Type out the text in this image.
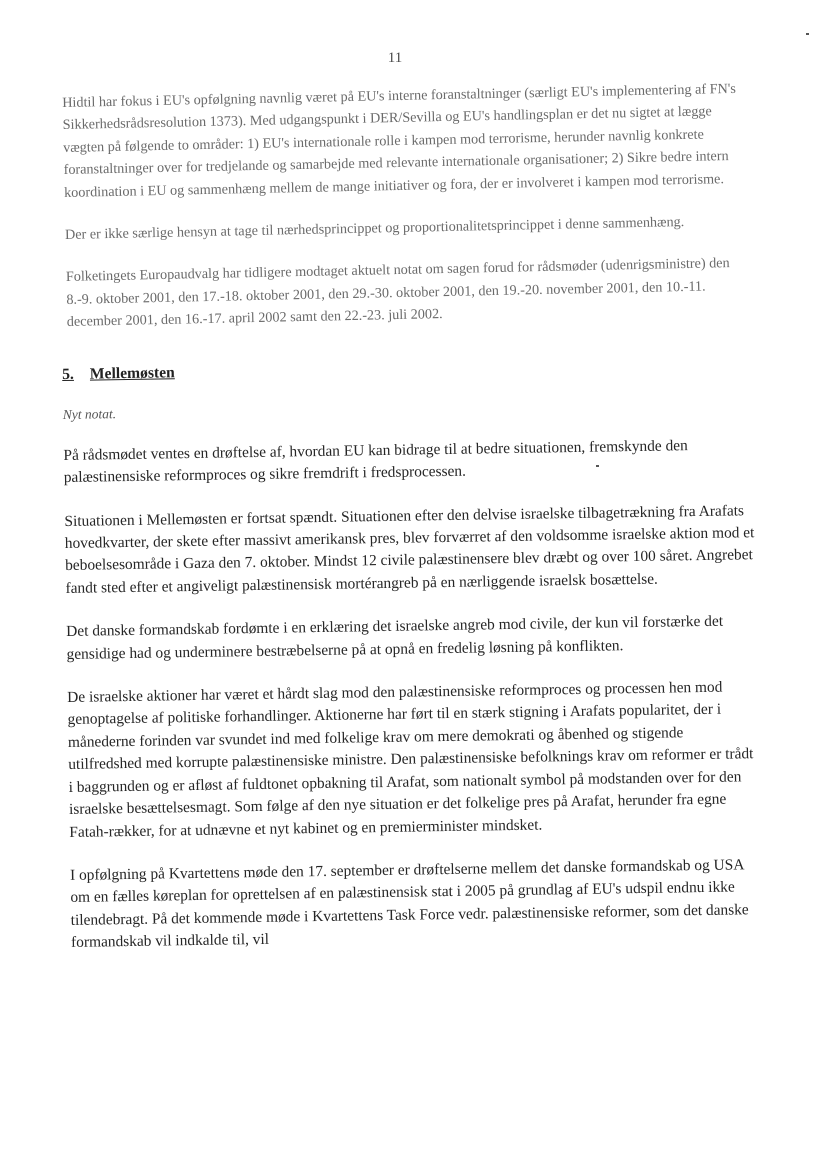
11

Hidtil har fokus i EU's opfølgning navnlig været på EU's interne foranstaltninger (særligt EU's implementering af FN's Sikkerhedsrådsresolution 1373). Med udgangspunkt i DER/Sevilla og EU's handlingsplan er det nu sigtet at lægge vægten på følgende to områder: 1) EU's internationale rolle i kampen mod terrorisme, herunder navnlig konkrete foranstaltninger over for tredjelande og samarbejde med relevante internationale organisationer; 2) Sikre bedre intern koordination i EU og sammenhæng mellem de mange initiativer og fora, der er involveret i kampen mod terrorisme.

Der er ikke særlige hensyn at tage til nærhedsprincippet og proportionalitetsprincippet i denne sammenhæng.

Folketingets Europaudvalg har tidligere modtaget aktuelt notat om sagen forud for rådsmøder (udenrigsministre) den 8.-9. oktober 2001, den 17.-18. oktober 2001, den 29.-30. oktober 2001, den 19.-20. november 2001, den 10.-11. december 2001, den 16.-17. april 2002 samt den 22.-23. juli 2002.

5. Mellemøsten
Nyt notat.

På rådsmødet ventes en drøftelse af, hvordan EU kan bidrage til at bedre situationen, fremskynde den palæstinensiske reformproces og sikre fremdrift i fredsprocessen.

Situationen i Mellemøsten er fortsat spændt. Situationen efter den delvise israelske tilbagetrækning fra Arafats hovedkvarter, der skete efter massivt amerikansk pres, blev forværret af den voldsomme israelske aktion mod et beboelsesområde i Gaza den 7. oktober. Mindst 12 civile palæstinensere blev dræbt og over 100 såret. Angrebet fandt sted efter et angiveligt palæstinensisk mortérangreb på en nærliggende israelsk bosættelse.

Det danske formandskab fordømte i en erklæring det israelske angreb mod civile, der kun vil forstærke det gensidige had og underminere bestræbelserne på at opnå en fredelig løsning på konflikten.

De israelske aktioner har været et hårdt slag mod den palæstinensiske reformproces og processen hen mod genoptagelse af politiske forhandlinger. Aktionerne har ført til en stærk stigning i Arafats popularitet, der i månederne forinden var svundet ind med folkelige krav om mere demokrati og åbenhed og stigende utilfredshed med korrupte palæstinensiske ministre. Den palæstinensiske befolknings krav om reformer er trådt i baggrunden og er afløst af fuldtonet opbakning til Arafat, som nationalt symbol på modstanden over for den israelske besættelsesmagt. Som følge af den nye situation er det folkelige pres på Arafat, herunder fra egne Fatah-rækker, for at udnævne et nyt kabinet og en premierminister mindsket.

I opfølgning på Kvartettens møde den 17. september er drøftelserne mellem det danske formandskab og USA om en fælles køreplan for oprettelsen af en palæstinensisk stat i 2005 på grundlag af EU's udspil endnu ikke tilendebragt. På det kommende møde i Kvartettens Task Force vedr. palæstinensiske reformer, som det danske formandskab vil indkalde til, vil
